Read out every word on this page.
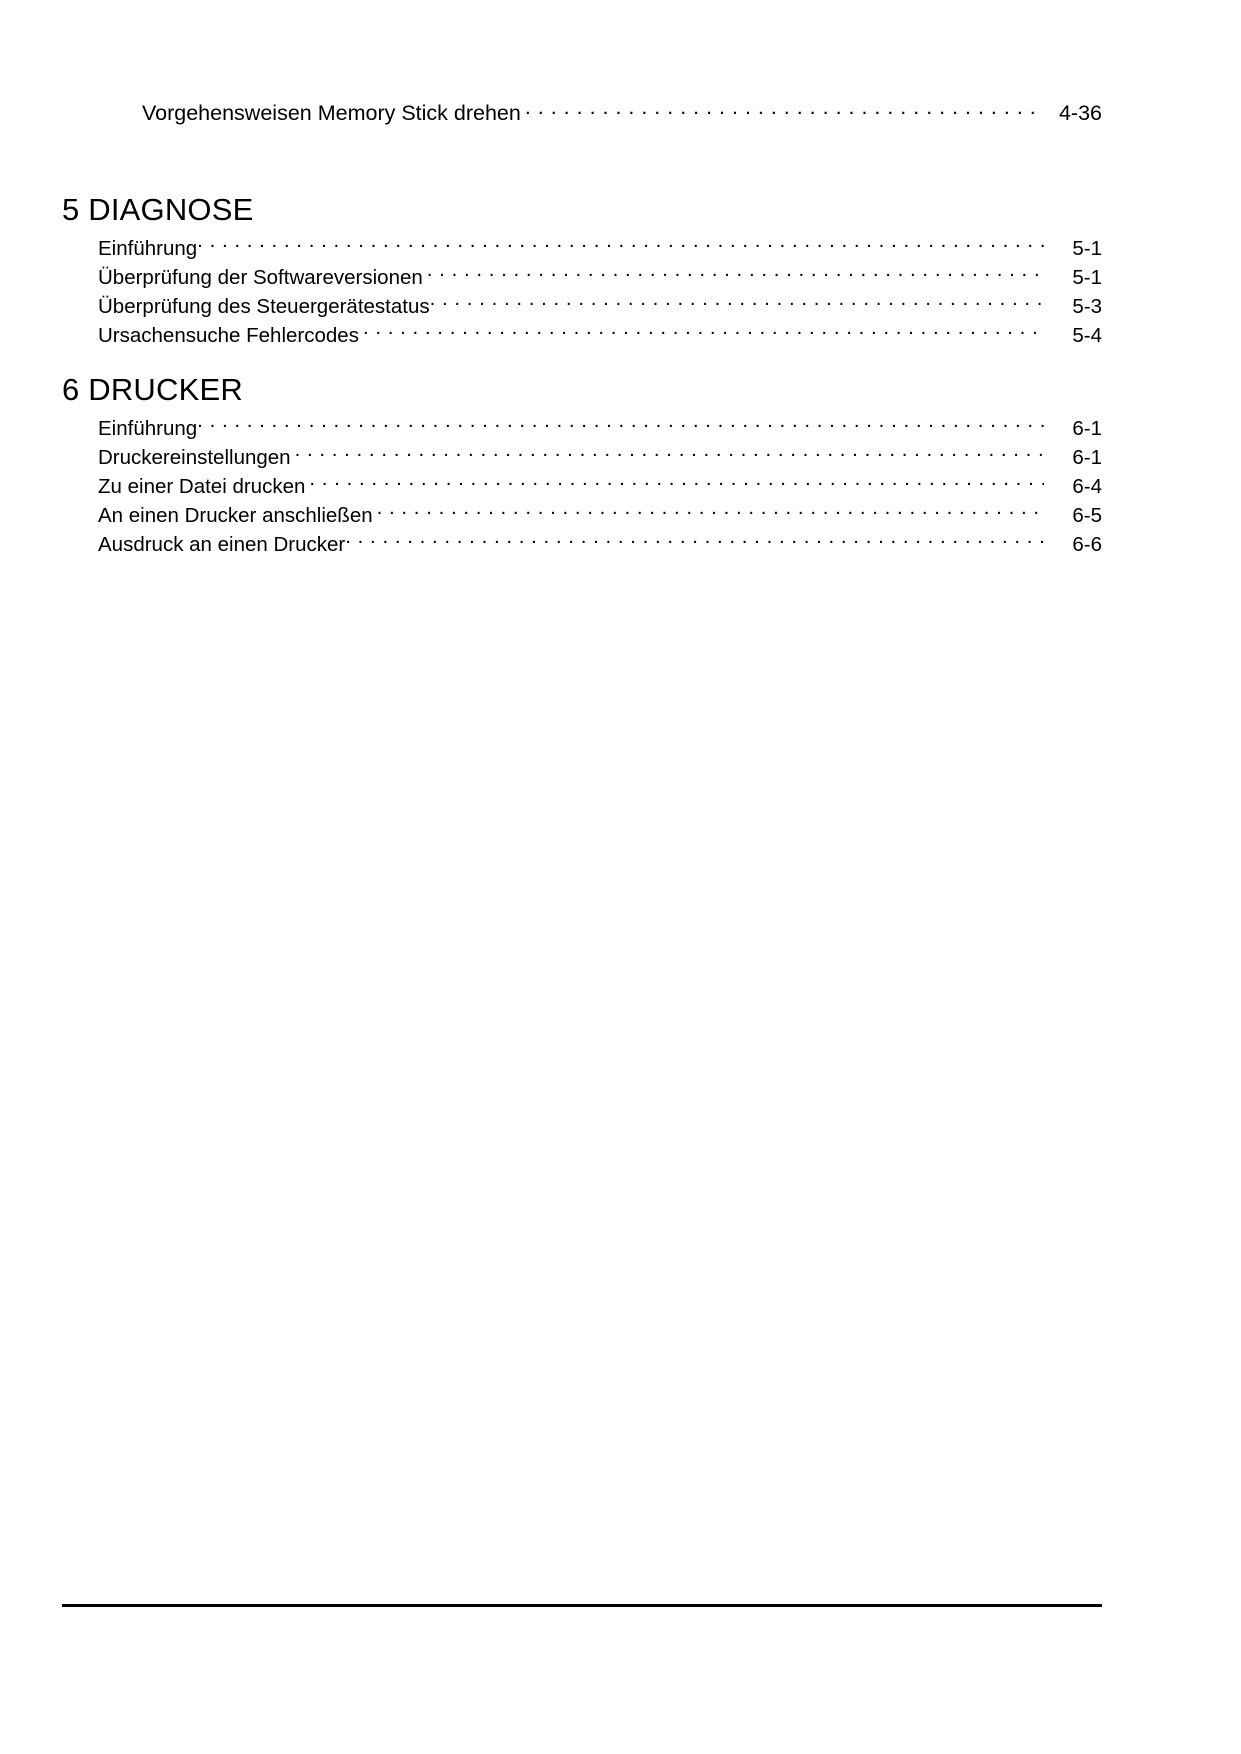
Vorgehensweisen Memory Stick drehen . . .	4-36
5 DIAGNOSE
Einführung . . .	5-1
Überprüfung der Softwareversionen . . .	5-1
Überprüfung des Steuergerätestatus . . .	5-3
Ursachensuche Fehlercodes . . .	5-4
6 DRUCKER
Einführung . . .	6-1
Druckereinstellungen . . .	6-1
Zu einer Datei drucken . . .	6-4
An einen Drucker anschließen . . .	6-5
Ausdruck an einen Drucker . . .	6-6
